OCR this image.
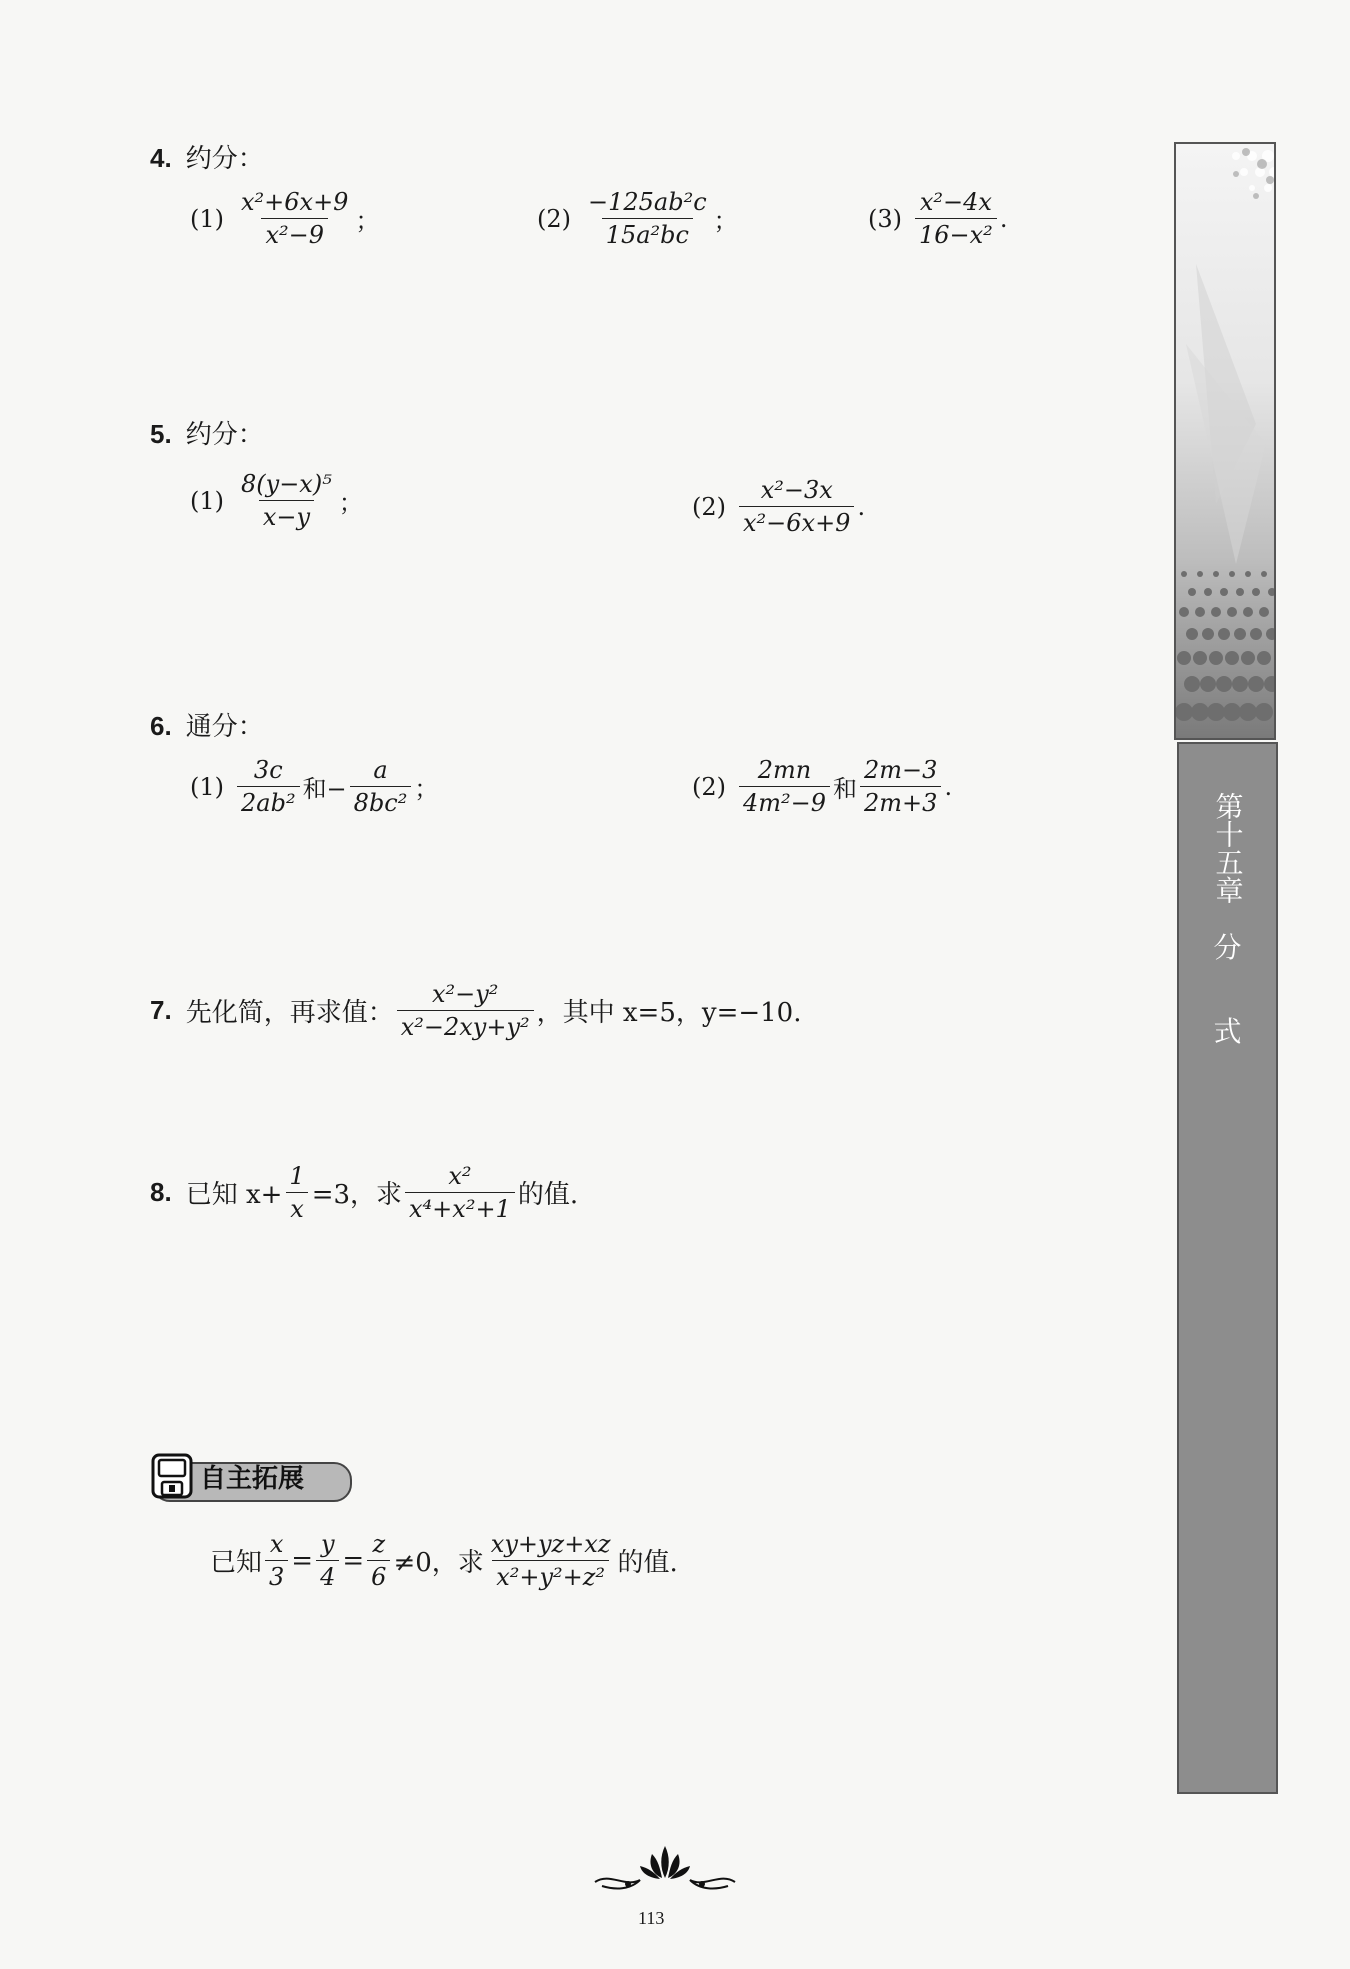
4. 约分：
$(1) \frac{\text{x²+6x+9}}{\text{x²−9}}$ ；	$(2) \frac{\text{−125ab²c}}{\text{15a²bc}}$ ；	$(3) \frac{\text{x²−4x}}{\text{16−x²}}$ .
5. 约分：
$(1) \frac{\text{8(y−x)⁵}}{x-y}$ ；	$(2) \frac{\text{x²−3x}}{\text{x²−6x+9}}$ .
6. 通分：
$(1) \frac{3c}{\text{2ab²}}$ 和− $\frac{a}{\text{8bc²}}$ ；	$(2) \frac{2mn}{\text{4m²−9}}$ 和 $\frac{2m-3}{2m+3}$ .
7. 先化简，再求值： $\frac{\text{x²−y²}}{\text{x²−2xy+y²}}$ ，其中 x=5，y=−10.
8. 已知 $x+ \frac{1}{x} =3$，求 $\frac{\text{x²}}{\text{x⁴+x²+1}}$ 的值.
自主拓展
已知 $\frac{x}{3} = \frac{y}{4} = \frac{z}{6} \ne 0$，求 $\frac{xy+yz+xz}{\text{x²+y²+z²}}$ 的值.
第十五章
分
式
113
